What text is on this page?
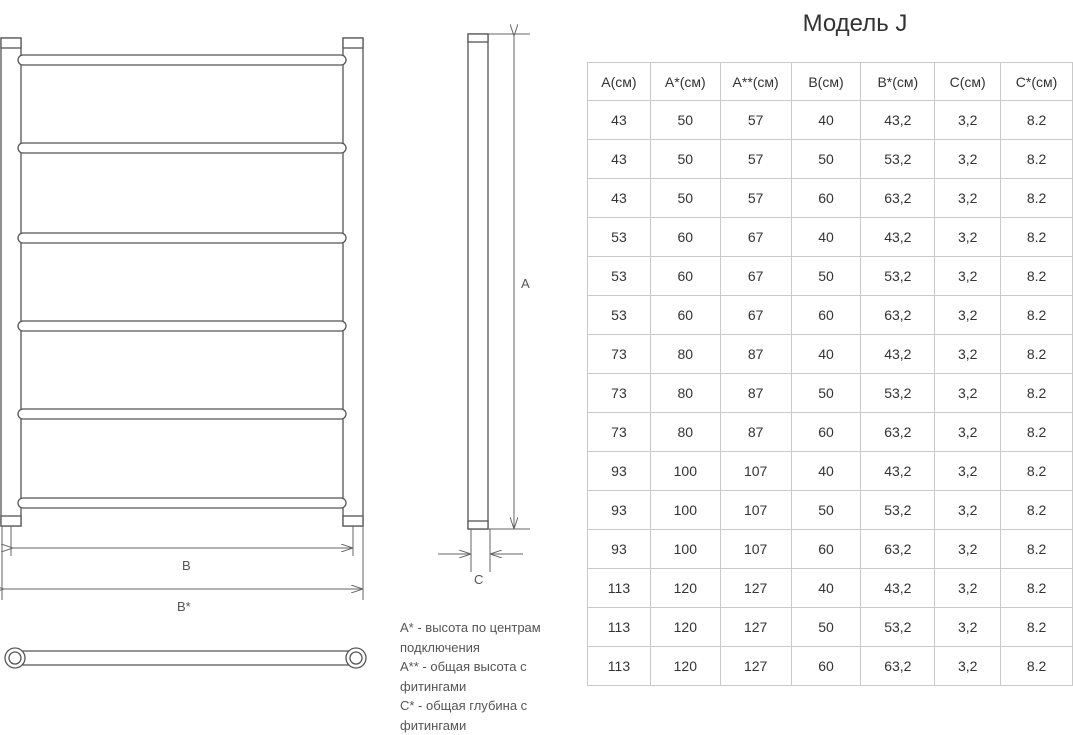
B
B*
A
C
Модель J
A(см)	A*(см)	A**(см)	B(см)	B*(см)	C(см)	C*(см)
43	50	57	40	43,2	3,2	8.2
43	50	57	50	53,2	3,2	8.2
43	50	57	60	63,2	3,2	8.2
53	60	67	40	43,2	3,2	8.2
53	60	67	50	53,2	3,2	8.2
53	60	67	60	63,2	3,2	8.2
73	80	87	40	43,2	3,2	8.2
73	80	87	50	53,2	3,2	8.2
73	80	87	60	63,2	3,2	8.2
93	100	107	40	43,2	3,2	8.2
93	100	107	50	53,2	3,2	8.2
93	100	107	60	63,2	3,2	8.2
113	120	127	40	43,2	3,2	8.2
113	120	127	50	53,2	3,2	8.2
113	120	127	60	63,2	3,2	8.2
A* - высота по центрам
подключения
A** - общая высота с
фитингами
C* - общая глубина с
фитингами
